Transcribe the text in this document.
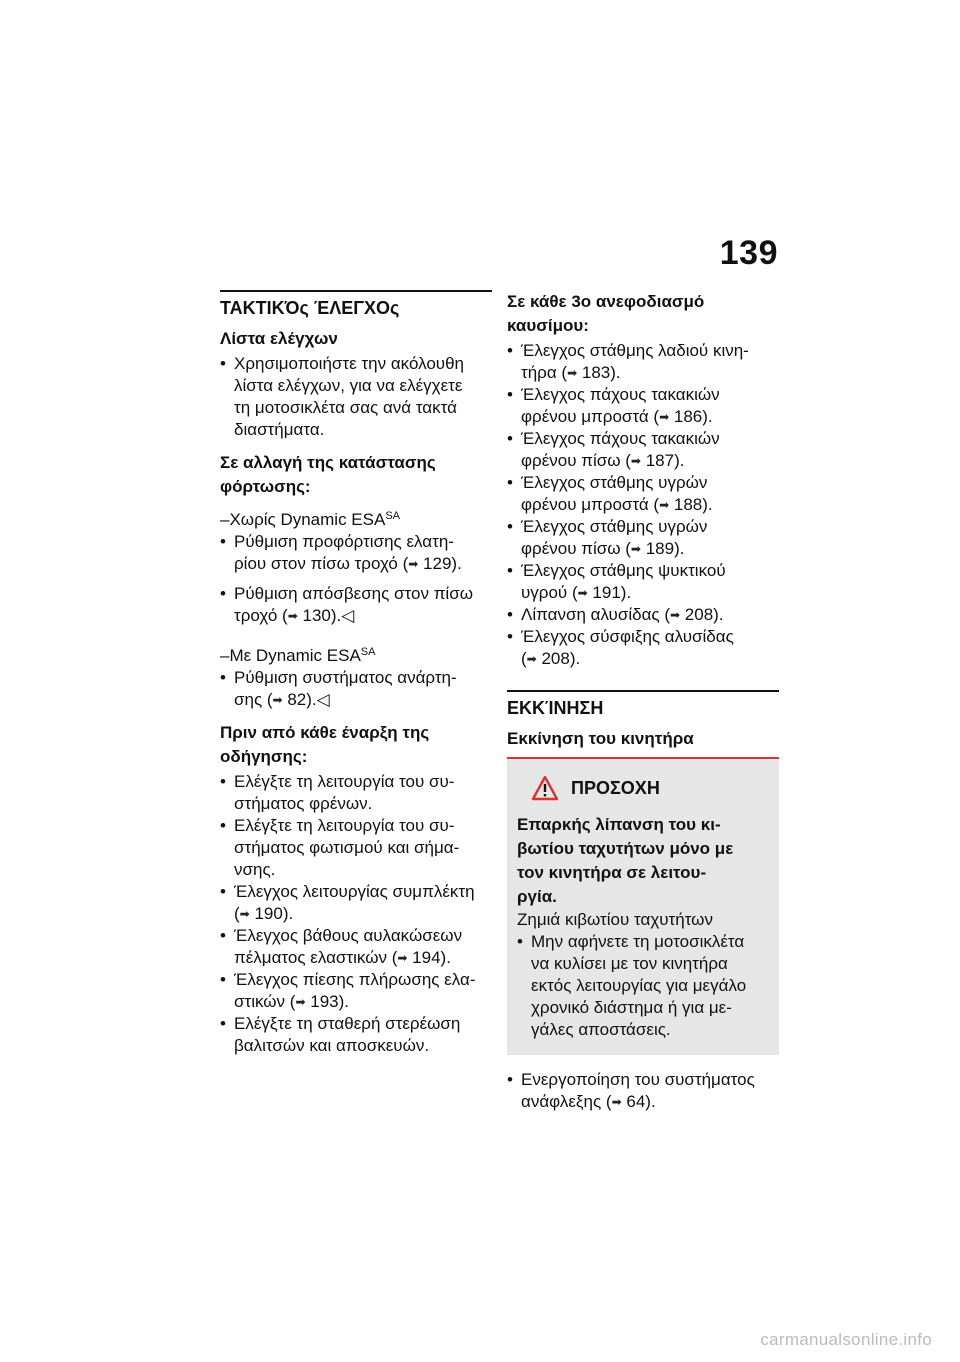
139
ΤΑΚΤΙΚΌς ΈΛΕΓΧΟς
Λίστα ελέγχων
• Χρησιμοποιήστε την ακόλουθη
λίστα ελέγχων, για να ελέγχετε
τη μοτοσικλέτα σας ανά τακτά
διαστήματα.
Σε αλλαγή της κατάστασης
φόρτωσης:
–Χωρίς Dynamic $ESA^{SA}$
• Ρύθμιση προφόρτισης ελατη-
ρίου στον πίσω τροχό (➡ 129).
• Ρύθμιση απόσβεσης στον πίσω
τροχό (➡ 130).◁
–Με Dynamic $ESA^{SA}$
• Ρύθμιση συστήματος ανάρτη-
σης (➡ 82).◁
Πριν από κάθε έναρξη της
οδήγησης:
• Ελέγξτε τη λειτουργία του συ-
στήματος φρένων.
• Ελέγξτε τη λειτουργία του συ-
στήματος φωτισμού και σήμα-
νσης.
• Έλεγχος λειτουργίας συμπλέκτη
(➡ 190).
• Έλεγχος βάθους αυλακώσεων
πέλματος ελαστικών (➡ 194).
• Έλεγχος πίεσης πλήρωσης ελα-
στικών (➡ 193).
• Ελέγξτε τη σταθερή στερέωση
βαλιτσών και αποσκευών.
Σε κάθε 3ο ανεφοδιασμό
καυσίμου:
• Έλεγχος στάθμης λαδιού κινη-
τήρα (➡ 183).
• Έλεγχος πάχους τακακιών
φρένου μπροστά (➡ 186).
• Έλεγχος πάχους τακακιών
φρένου πίσω (➡ 187).
• Έλεγχος στάθμης υγρών
φρένου μπροστά (➡ 188).
• Έλεγχος στάθμης υγρών
φρένου πίσω (➡ 189).
• Έλεγχος στάθμης ψυκτικού
υγρού (➡ 191).
• Λίπανση αλυσίδας (➡ 208).
• Έλεγχος σύσφιξης αλυσίδας
(➡ 208).
ΕΚΚΊΝΗΣΗ
Εκκίνηση του κινητήρα
ΠΡΟΣΟΧΗ
Επαρκής λίπανση του κι-
βωτίου ταχυτήτων μόνο με
τον κινητήρα σε λειτου-
ργία.
Ζημιά κιβωτίου ταχυτήτων
• Μην αφήνετε τη μοτοσικλέτα
να κυλίσει με τον κινητήρα
εκτός λειτουργίας για μεγάλο
χρονικό διάστημα ή για με-
γάλες αποστάσεις.
• Ενεργοποίηση του συστήματος
ανάφλεξης (➡ 64).
carmanualsonline.info
